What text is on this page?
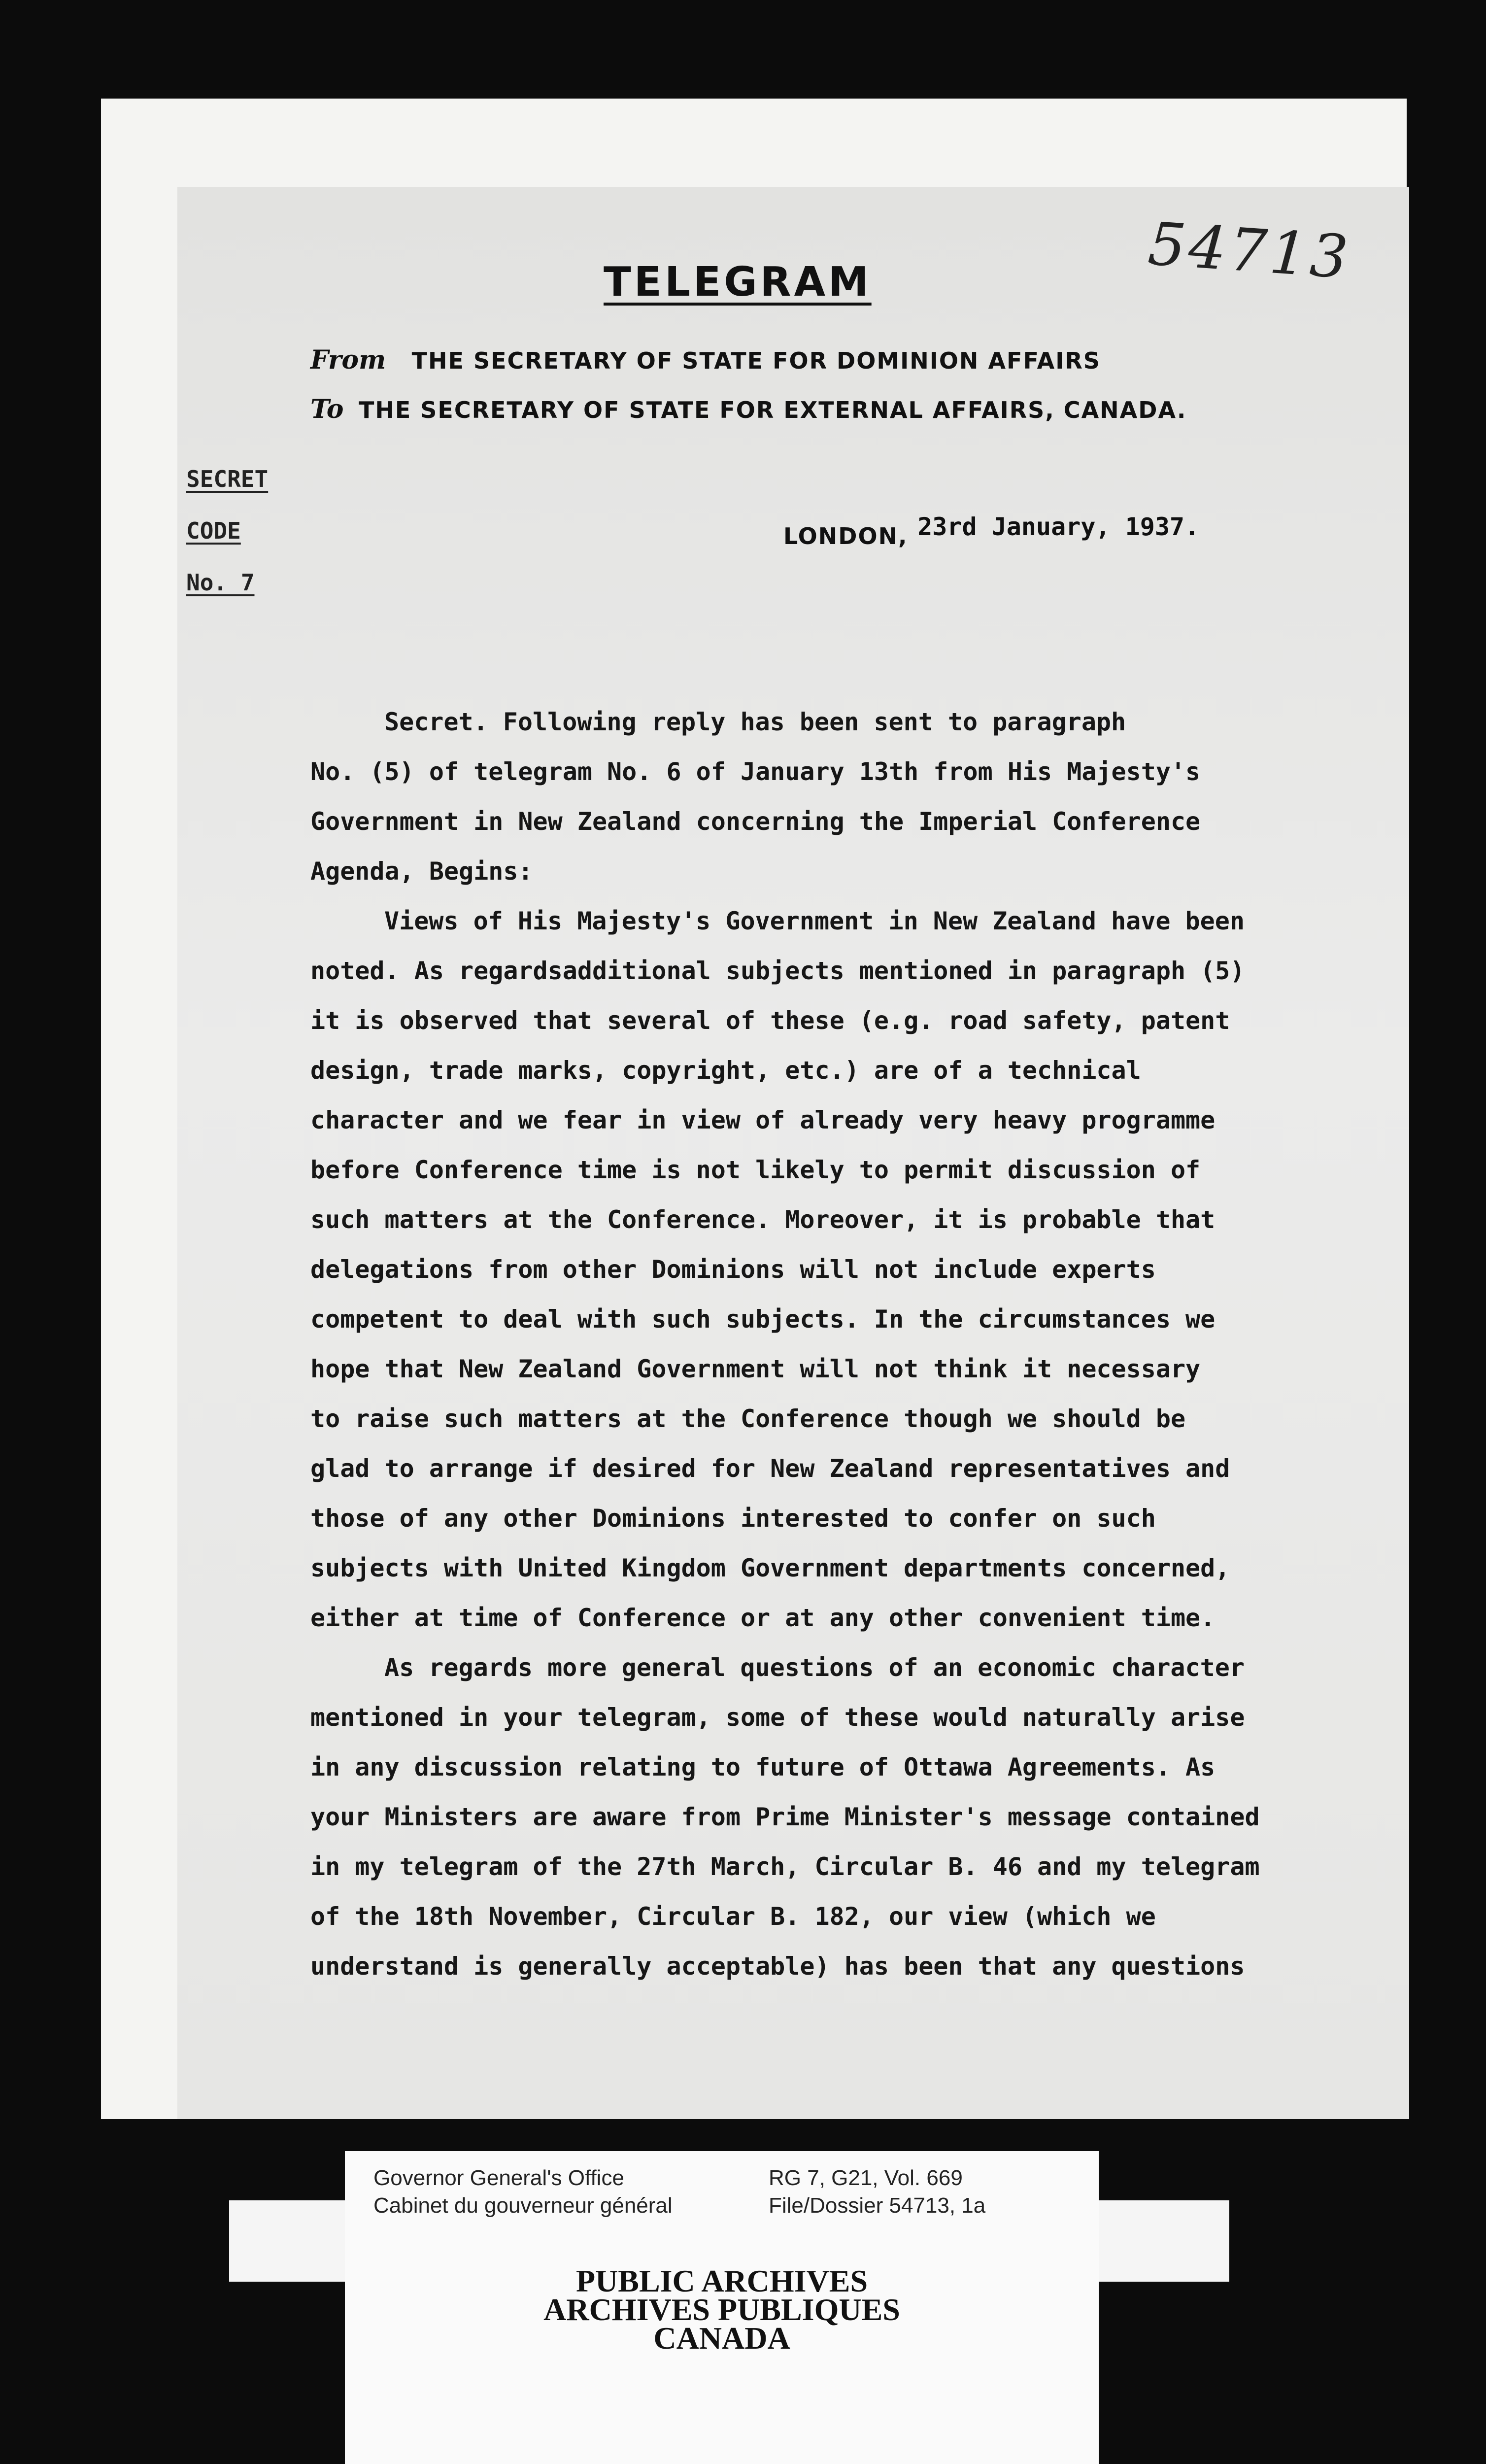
54713
TELEGRAM
From THE SECRETARY OF STATE FOR DOMINION AFFAIRS
To THE SECRETARY OF STATE FOR EXTERNAL AFFAIRS, CANADA.
SECRET
CODE
No. 7
LONDON, 23rd January, 1937.
Secret. Following reply has been sent to paragraph
No. (5) of telegram No. 6 of January 13th from His Majesty's
Government in New Zealand concerning the Imperial Conference
Agenda, Begins:
Views of His Majesty's Government in New Zealand have been
noted. As regardsadditional subjects mentioned in paragraph (5)
it is observed that several of these (e.g. road safety, patent
design, trade marks, copyright, etc.) are of a technical
character and we fear in view of already very heavy programme
before Conference time is not likely to permit discussion of
such matters at the Conference. Moreover, it is probable that
delegations from other Dominions will not include experts
competent to deal with such subjects. In the circumstances we
hope that New Zealand Government will not think it necessary
to raise such matters at the Conference though we should be
glad to arrange if desired for New Zealand representatives and
those of any other Dominions interested to confer on such
subjects with United Kingdom Government departments concerned,
either at time of Conference or at any other convenient time.
As regards more general questions of an economic character
mentioned in your telegram, some of these would naturally arise
in any discussion relating to future of Ottawa Agreements. As
your Ministers are aware from Prime Minister's message contained
in my telegram of the 27th March, Circular B. 46 and my telegram
of the 18th November, Circular B. 182, our view (which we
understand is generally acceptable) has been that any questions
Governor General's Office
Cabinet du gouverneur général
RG 7, G21, Vol. 669
File/Dossier 54713, 1a
PUBLIC ARCHIVES
ARCHIVES PUBLIQUES
CANADA
